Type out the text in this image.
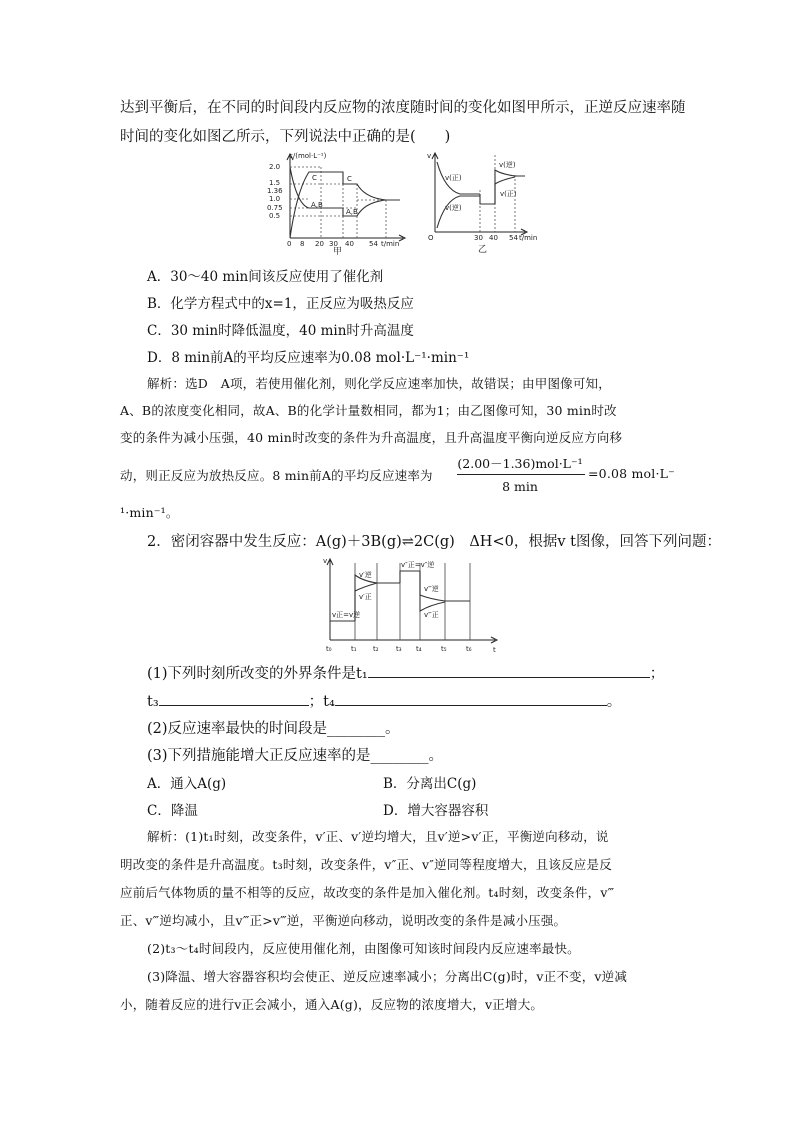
达到平衡后，在不同的时间段内反应物的浓度随时间的变化如图甲所示，正逆反应速率随
时间的变化如图乙所示，下列说法中正确的是(　　)
c/(mol·L⁻¹)
2.0
1.5
1.36
1.0
0.75
0.5
0 8 20 30 40 54 t/min
C
A,B
C
A,B
甲
v
O	30 40 54 t/min
v(正)
v(逆)
v(逆)
v(正)
乙
A．30～40 min间该反应使用了催化剂
B．化学方程式中的x=1，正反应为吸热反应
C．30 min时降低温度，40 min时升高温度
D．8 min前A的平均反应速率为0.08 mol·L⁻¹·min⁻¹
解析：选D　A项，若使用催化剂，则化学反应速率加快，故错误；由甲图像可知，
A、B的浓度变化相同，故A、B的化学计量数相同，都为1；由乙图像可知，30 min时改
变的条件为减小压强，40 min时改变的条件为升高温度，且升高温度平衡向逆反应方向移
动，则正反应为放热反应。8 min前A的平均反应速率为
(2.00－1.36)mol·L⁻¹
8 min
=0.08 mol·L⁻
¹·min⁻¹。
2．密闭容器中发生反应：A(g)＋3B(g)⇌2C(g)　ΔH<0，根据v t图像，回答下列问题：
v
t
t₀	t₁ t₂ t₃ t₄	t₅	t₆
v′逆
v′正
v″正=v″逆
v‴逆
v‴正
v正=v逆
(1)下列时刻所改变的外界条件是t₁	；
t₃	；t₄	。
(2)反应速率最快的时间段是________。
(3)下列措施能增大正反应速率的是________。
A．通入A(g)	B．分离出C(g)
C．降温	D．增大容器容积
解析：(1)t₁时刻，改变条件，v′正、v′逆均增大，且v′逆>v′正，平衡逆向移动，说
明改变的条件是升高温度。t₃时刻，改变条件，v″正、v″逆同等程度增大，且该反应是反
应前后气体物质的量不相等的反应，故改变的条件是加入催化剂。t₄时刻，改变条件，v‴
正、v‴逆均减小，且v‴正>v‴逆，平衡逆向移动，说明改变的条件是减小压强。
(2)t₃～t₄时间段内，反应使用催化剂，由图像可知该时间段内反应速率最快。
(3)降温、增大容器容积均会使正、逆反应速率减小；分离出C(g)时，v正不变，v逆减
小，随着反应的进行v正会减小，通入A(g)，反应物的浓度增大，v正增大。
